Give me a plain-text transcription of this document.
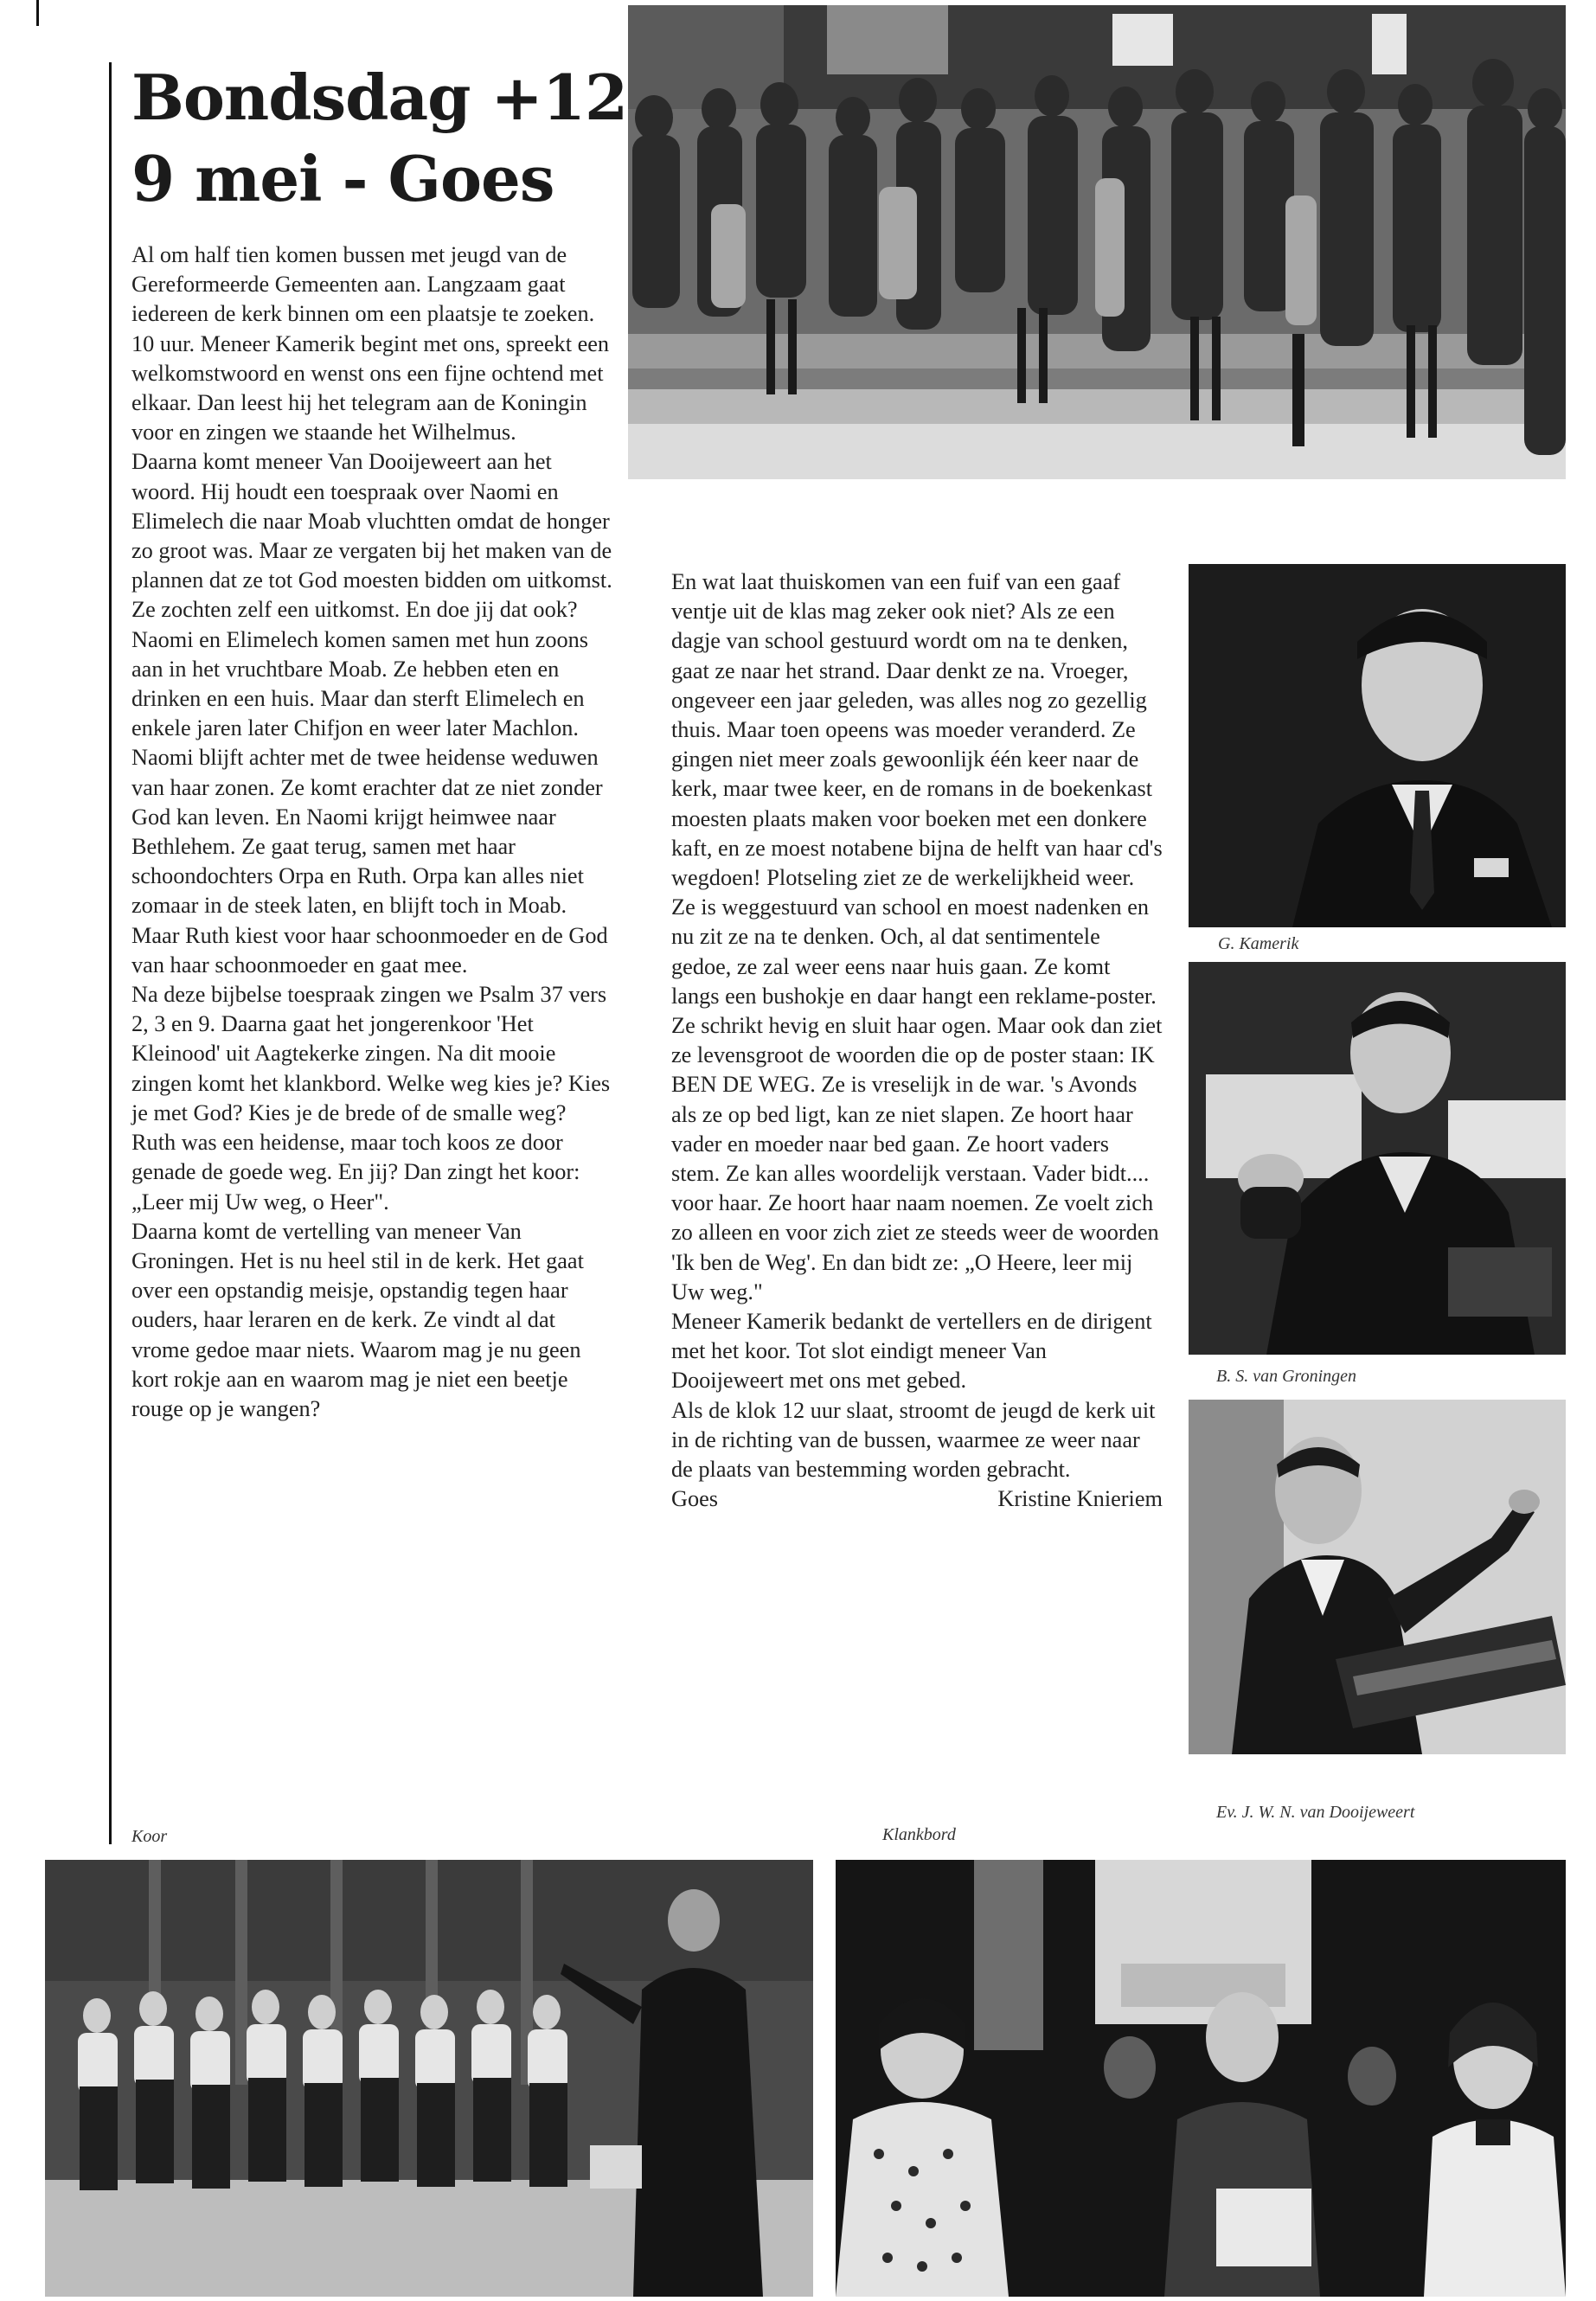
Bondsdag +12
9 mei - Goes

Al om half tien komen bussen met jeugd van de Gereformeerde Gemeenten aan. Langzaam gaat iedereen de kerk binnen om een plaatsje te zoeken.

10 uur. Meneer Kamerik begint met ons, spreekt een welkomstwoord en wenst ons een fijne ochtend met elkaar. Dan leest hij het telegram aan de Koningin voor en zingen we staande het Wilhelmus.

Daarna komt meneer Van Dooijeweert aan het woord. Hij houdt een toespraak over Naomi en Elimelech die naar Moab vluchtten omdat de honger zo groot was. Maar ze vergaten bij het maken van de plannen dat ze tot God moesten bidden om uitkomst. Ze zochten zelf een uitkomst. En doe jij dat ook? Naomi en Elimelech komen samen met hun zoons aan in het vruchtbare Moab. Ze hebben eten en drinken en een huis. Maar dan sterft Elimelech en enkele jaren later Chifjon en weer later Machlon. Naomi blijft achter met de twee heidense weduwen van haar zonen. Ze komt erachter dat ze niet zonder God kan leven. En Naomi krijgt heimwee naar Bethlehem. Ze gaat terug, samen met haar schoondochters Orpa en Ruth. Orpa kan alles niet zomaar in de steek laten, en blijft toch in Moab. Maar Ruth kiest voor haar schoonmoeder en de God van haar schoonmoeder en gaat mee.

Na deze bijbelse toespraak zingen we Psalm 37 vers 2, 3 en 9. Daarna gaat het jongerenkoor 'Het Kleinood' uit Aagtekerke zingen. Na dit mooie zingen komt het klankbord. Welke weg kies je? Kies je met God? Kies je de brede of de smalle weg? Ruth was een heidense, maar toch koos ze door genade de goede weg. En jij? Dan zingt het koor: „Leer mij Uw weg, o Heer".

Daarna komt de vertelling van meneer Van Groningen. Het is nu heel stil in de kerk. Het gaat over een opstandig meisje, opstandig tegen haar ouders, haar leraren en de kerk. Ze vindt al dat vrome gedoe maar niets. Waarom mag je nu geen kort rokje aan en waarom mag je niet een beetje rouge op je wangen?

En wat laat thuiskomen van een fuif van een gaaf ventje uit de klas mag zeker ook niet? Als ze een dagje van school gestuurd wordt om na te denken, gaat ze naar het strand. Daar denkt ze na. Vroeger, ongeveer een jaar geleden, was alles nog zo gezellig thuis. Maar toen opeens was moeder veranderd. Ze gingen niet meer zoals gewoonlijk één keer naar de kerk, maar twee keer, en de romans in de boekenkast moesten plaats maken voor boeken met een donkere kaft, en ze moest notabene bijna de helft van haar cd's wegdoen! Plotseling ziet ze de werkelijkheid weer. Ze is weggestuurd van school en moest nadenken en nu zit ze na te denken. Och, al dat sentimentele gedoe, ze zal weer eens naar huis gaan. Ze komt langs een bushokje en daar hangt een reklame-poster. Ze schrikt hevig en sluit haar ogen. Maar ook dan ziet ze levensgroot de woorden die op de poster staan: IK BEN DE WEG. Ze is vreselijk in de war. 's Avonds als ze op bed ligt, kan ze niet slapen. Ze hoort haar vader en moeder naar bed gaan. Ze hoort vaders stem. Ze kan alles woordelijk verstaan. Vader bidt.... voor haar. Ze hoort haar naam noemen. Ze voelt zich zo alleen en voor zich ziet ze steeds weer de woorden 'Ik ben de Weg'. En dan bidt ze: „O Heere, leer mij Uw weg."

Meneer Kamerik bedankt de vertellers en de dirigent met het koor. Tot slot eindigt meneer Van Dooijeweert met ons met gebed.

Als de klok 12 uur slaat, stroomt de jeugd de kerk uit in de richting van de bussen, waarmee ze weer naar de plaats van bestemming worden gebracht.

Goes	Kristine Knieriem
G. Kamerik
B. S. van Groningen
Ev. J. W. N. van Dooijeweert
Koor	Klankbord
